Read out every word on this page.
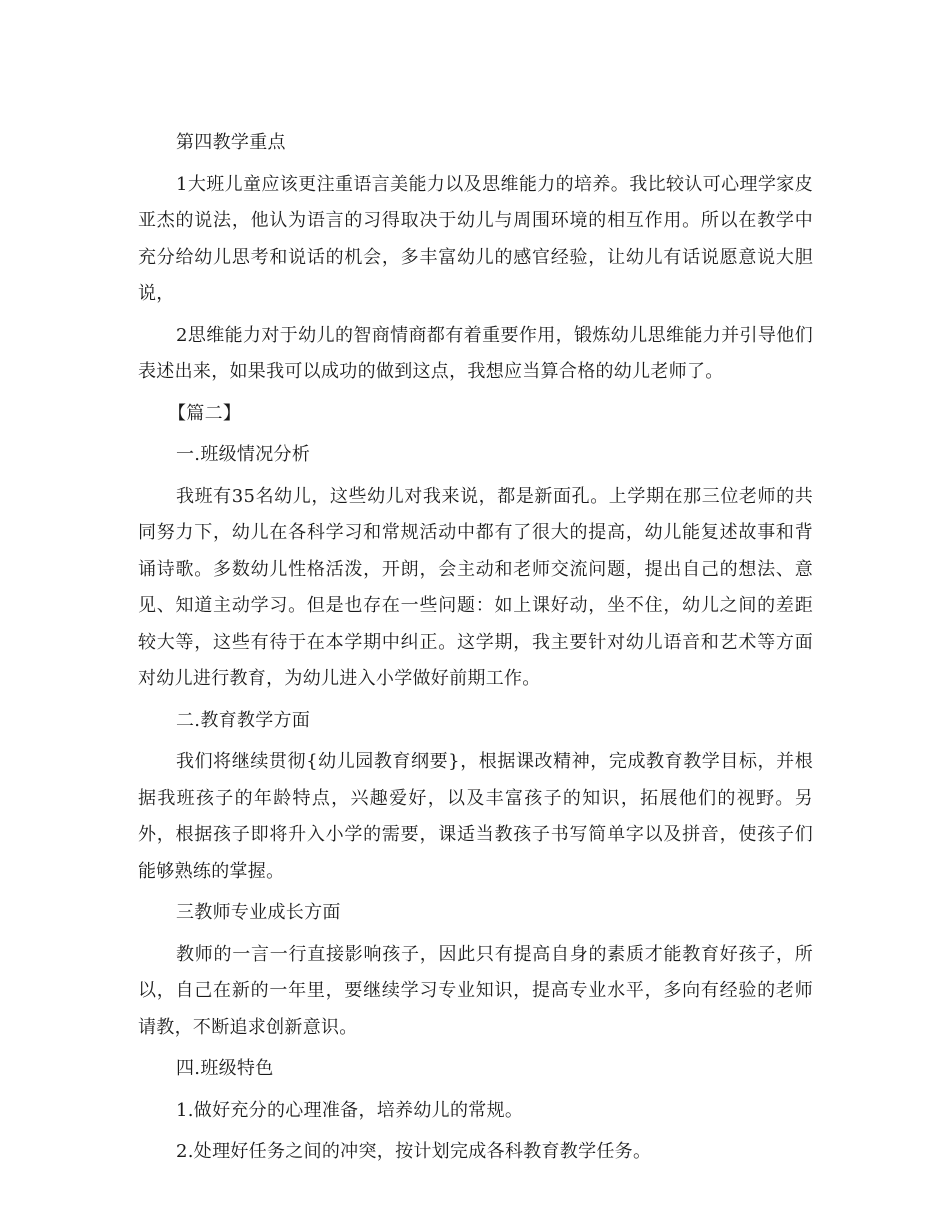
第四教学重点

1大班儿童应该更注重语言美能力以及思维能力的培养。我比较认可心理学家皮亚杰的说法，他认为语言的习得取决于幼儿与周围环境的相互作用。所以在教学中充分给幼儿思考和说话的机会，多丰富幼儿的感官经验，让幼儿有话说愿意说大胆说，

2思维能力对于幼儿的智商情商都有着重要作用，锻炼幼儿思维能力并引导他们表述出来，如果我可以成功的做到这点，我想应当算合格的幼儿老师了。

【篇二】

一.班级情况分析

我班有35名幼儿，这些幼儿对我来说，都是新面孔。上学期在那三位老师的共同努力下，幼儿在各科学习和常规活动中都有了很大的提高，幼儿能复述故事和背诵诗歌。多数幼儿性格活泼，开朗，会主动和老师交流问题，提出自己的想法、意见、知道主动学习。但是也存在一些问题：如上课好动，坐不住，幼儿之间的差距较大等，这些有待于在本学期中纠正。这学期，我主要针对幼儿语音和艺术等方面对幼儿进行教育，为幼儿进入小学做好前期工作。

二.教育教学方面

我们将继续贯彻{幼儿园教育纲要}，根据课改精神，完成教育教学目标，并根据我班孩子的年龄特点，兴趣爱好，以及丰富孩子的知识，拓展他们的视野。另外，根据孩子即将升入小学的需要，课适当教孩子书写简单字以及拼音，使孩子们能够熟练的掌握。

三教师专业成长方面

教师的一言一行直接影响孩子，因此只有提高自身的素质才能教育好孩子，所以，自己在新的一年里，要继续学习专业知识，提高专业水平，多向有经验的老师请教，不断追求创新意识。

四.班级特色

1.做好充分的心理准备，培养幼儿的常规。

2.处理好任务之间的冲突，按计划完成各科教育教学任务。
